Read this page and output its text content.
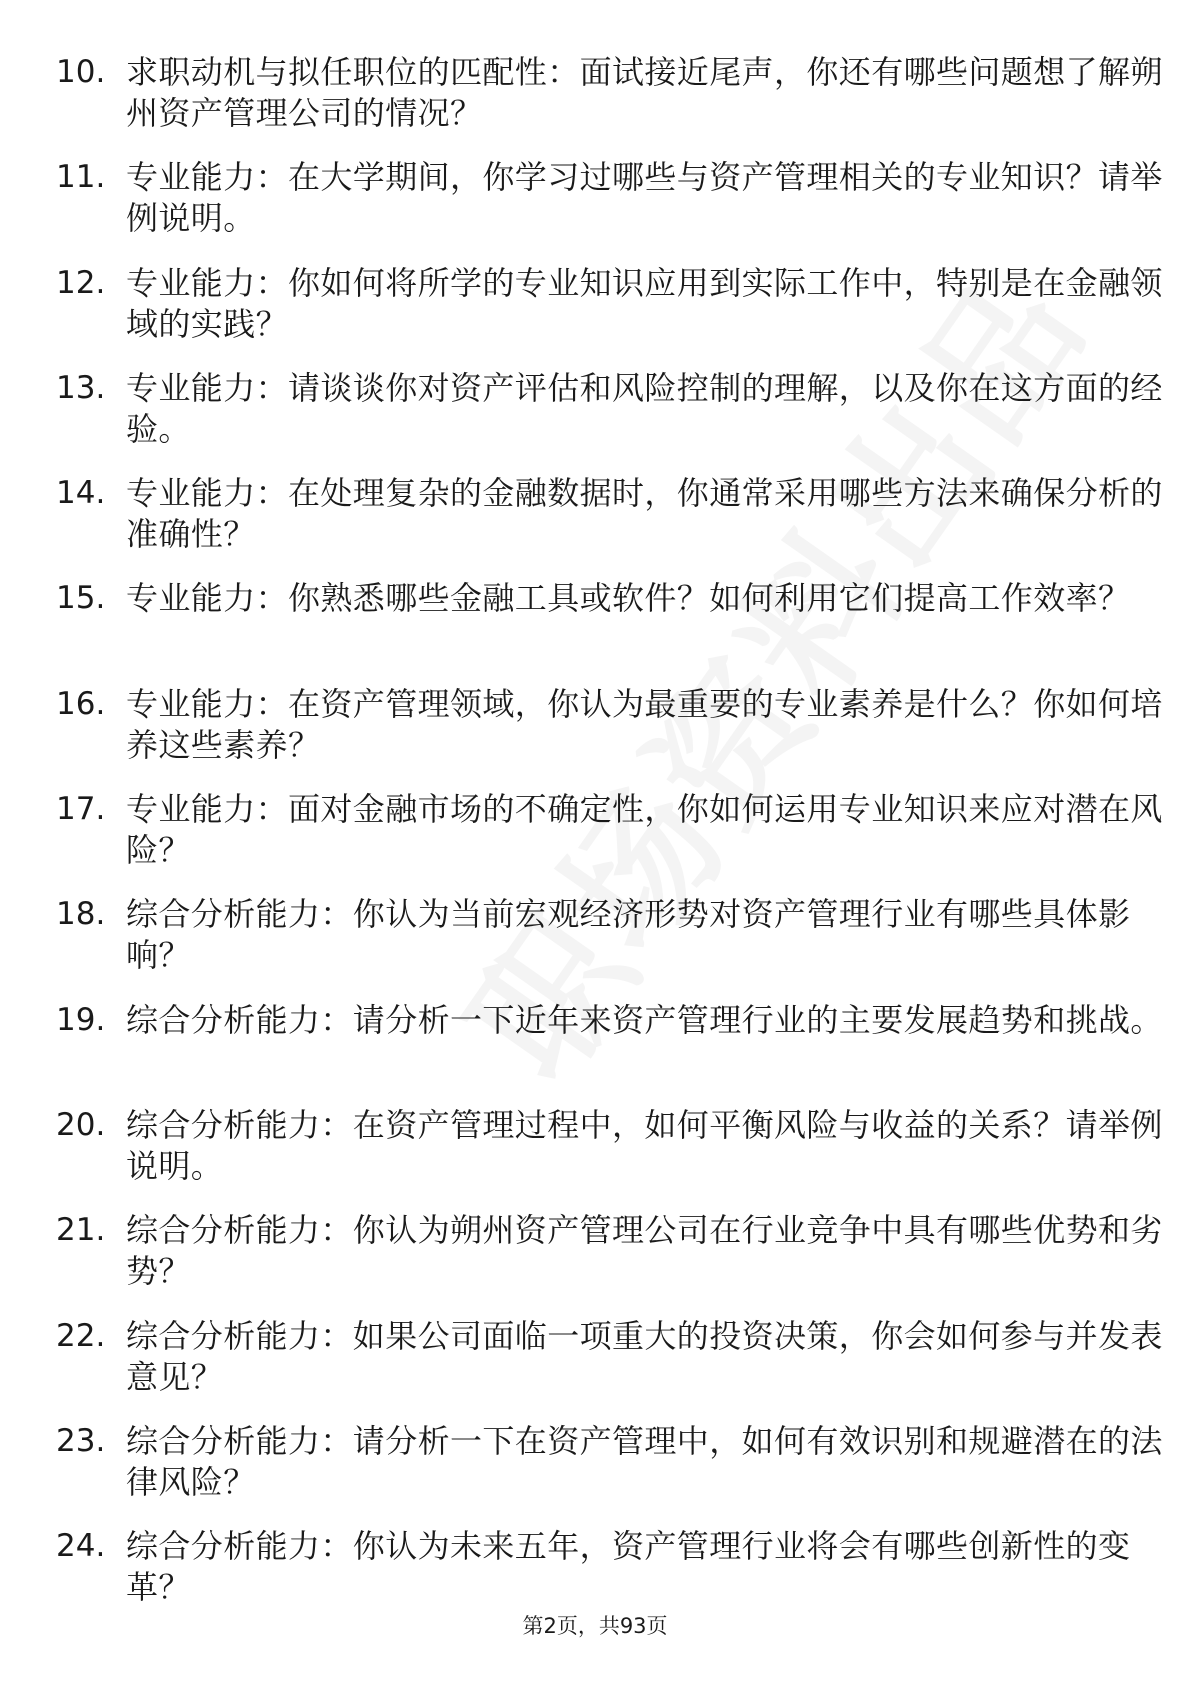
10. 求职动机与拟任职位的匹配性：面试接近尾声，你还有哪些问题想了解朔州资产管理公司的情况？
11. 专业能力：在大学期间，你学习过哪些与资产管理相关的专业知识？请举例说明。
12. 专业能力：你如何将所学的专业知识应用到实际工作中，特别是在金融领域的实践？
13. 专业能力：请谈谈你对资产评估和风险控制的理解，以及你在这方面的经验。
14. 专业能力：在处理复杂的金融数据时，你通常采用哪些方法来确保分析的准确性？
15. 专业能力：你熟悉哪些金融工具或软件？如何利用它们提高工作效率？
16. 专业能力：在资产管理领域，你认为最重要的专业素养是什么？你如何培养这些素养？
17. 专业能力：面对金融市场的不确定性，你如何运用专业知识来应对潜在风险？
18. 综合分析能力：你认为当前宏观经济形势对资产管理行业有哪些具体影响？
19. 综合分析能力：请分析一下近年来资产管理行业的主要发展趋势和挑战。
20. 综合分析能力：在资产管理过程中，如何平衡风险与收益的关系？请举例说明。
21. 综合分析能力：你认为朔州资产管理公司在行业竞争中具有哪些优势和劣势？
22. 综合分析能力：如果公司面临一项重大的投资决策，你会如何参与并发表意见？
23. 综合分析能力：请分析一下在资产管理中，如何有效识别和规避潜在的法律风险？
24. 综合分析能力：你认为未来五年，资产管理行业将会有哪些创新性的变革？
第2页，共93页
